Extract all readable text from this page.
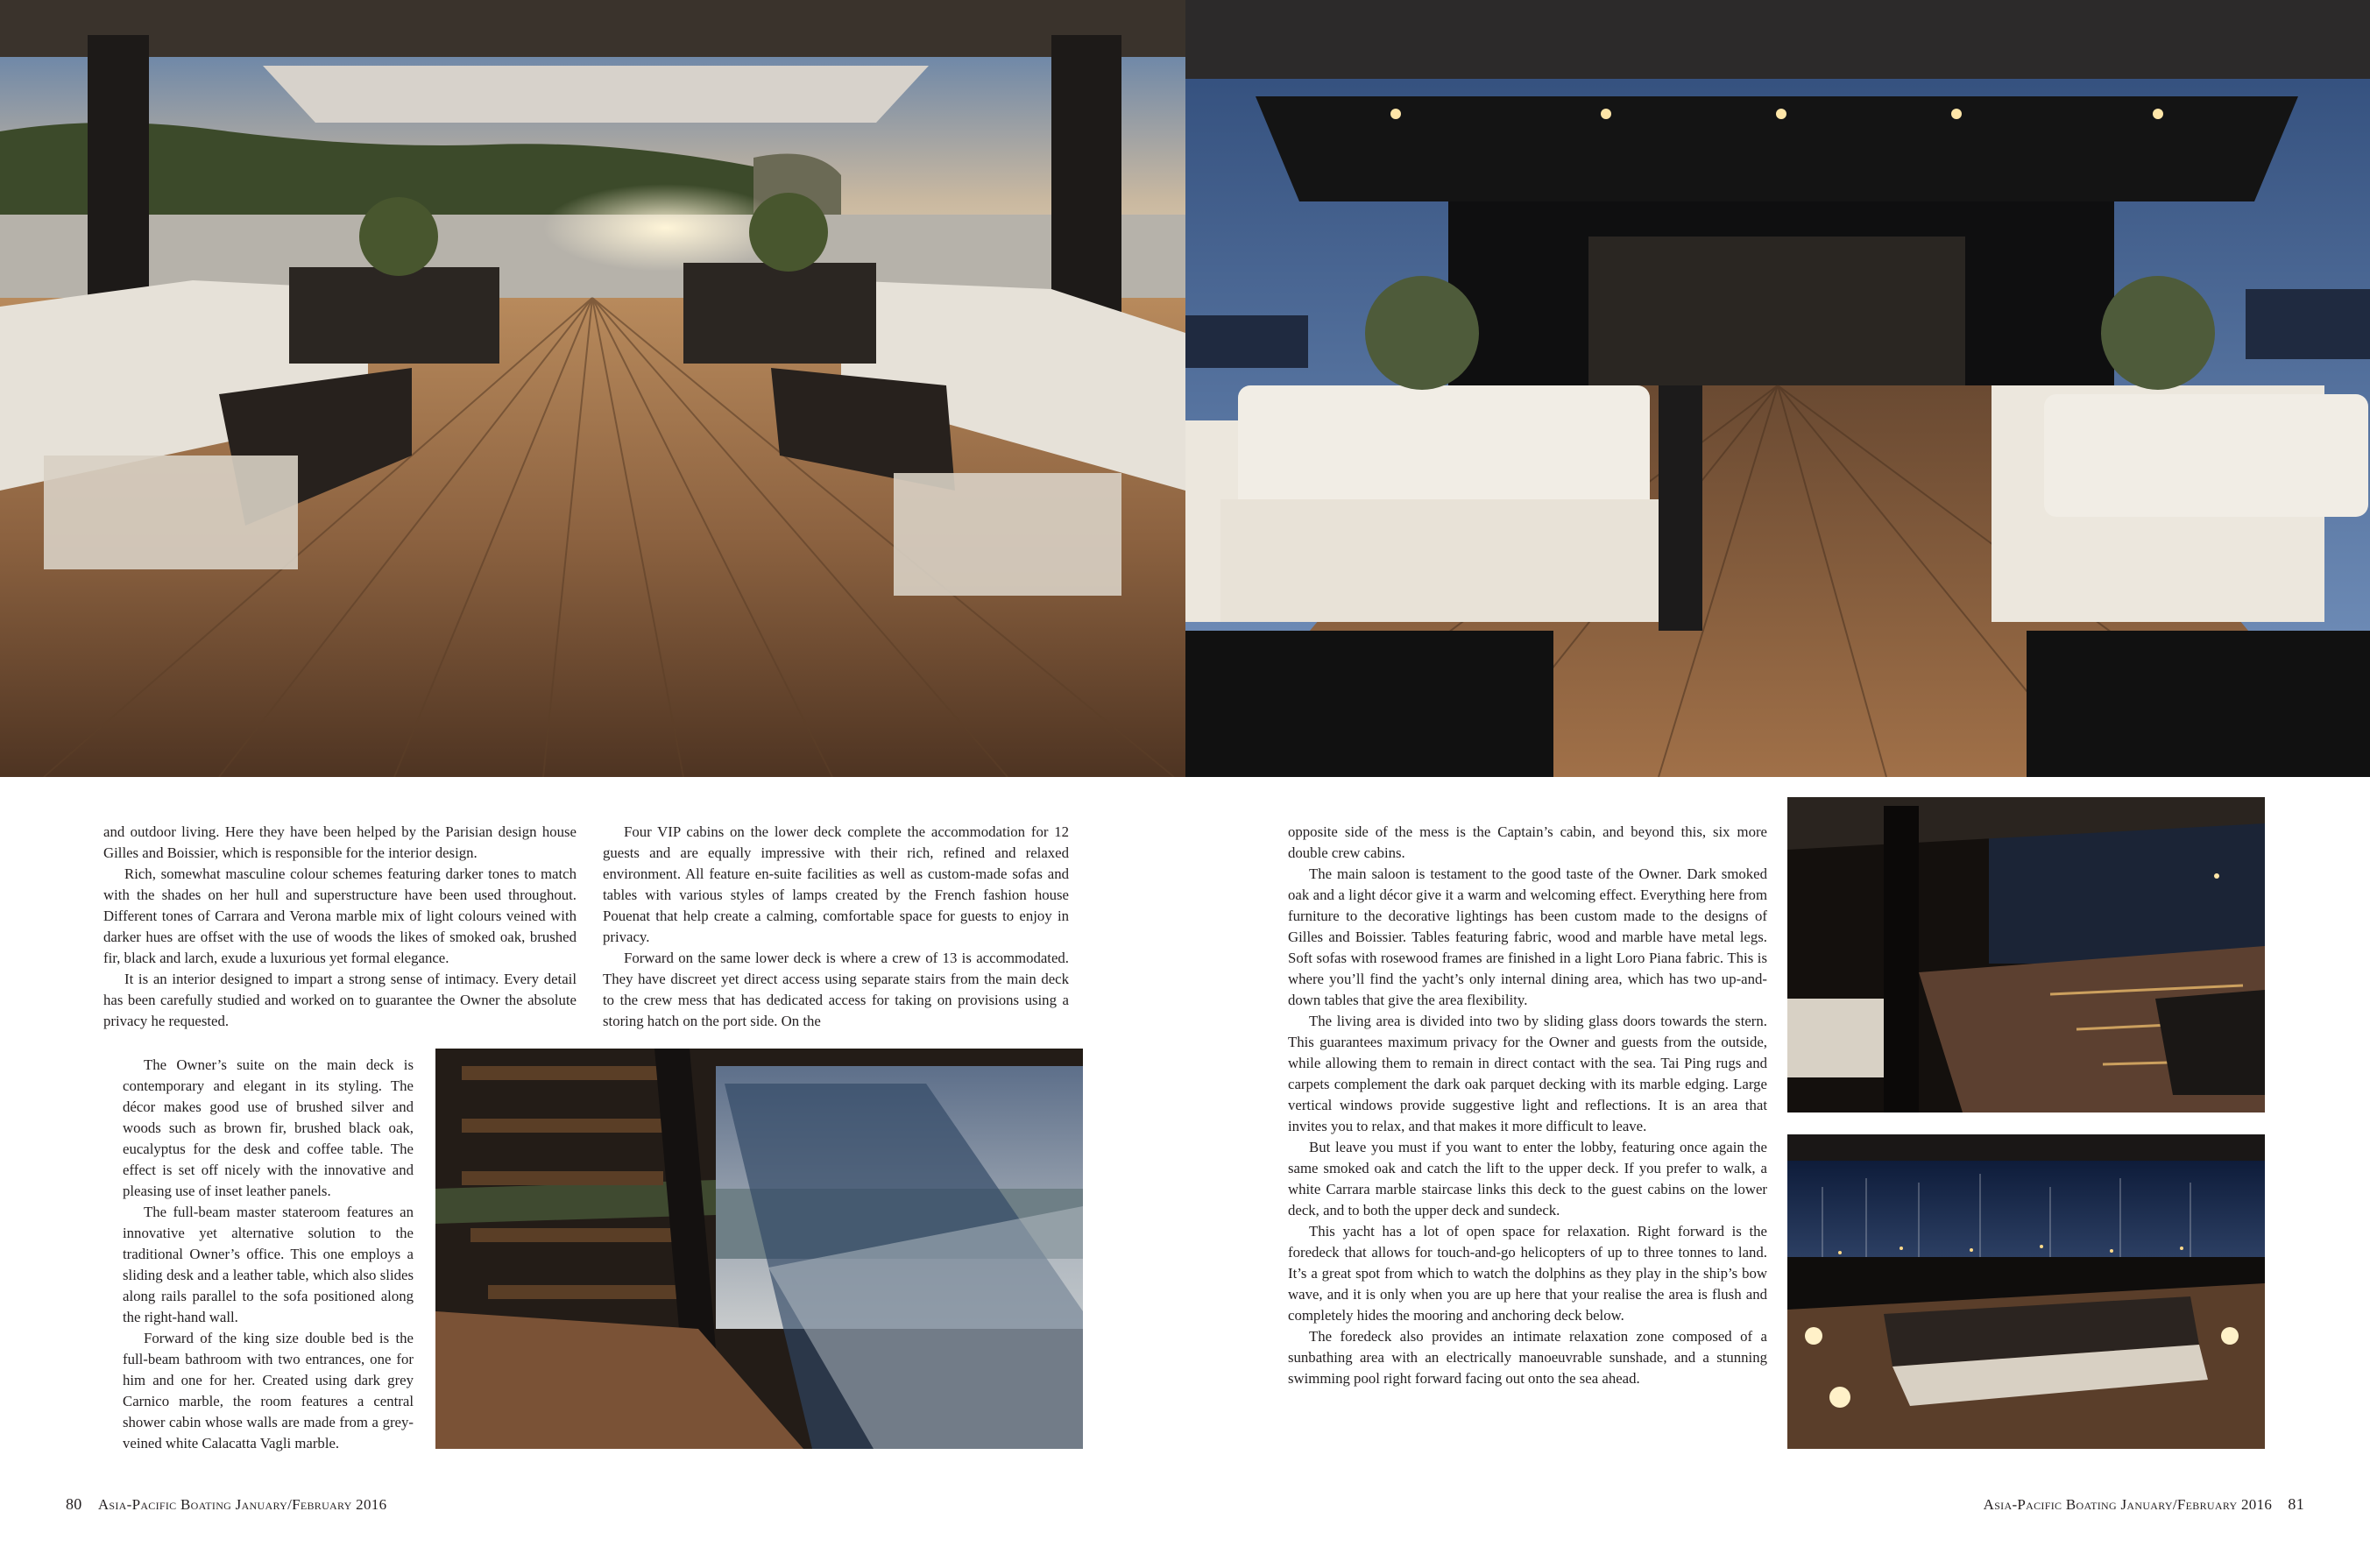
and outdoor living. Here they have been helped by the Parisian design house Gilles and Boissier, which is responsible for the interior design.

Rich, somewhat masculine colour schemes featuring darker tones to match with the shades on her hull and superstructure have been used throughout. Different tones of Carrara and Verona marble mix of light colours veined with darker hues are offset with the use of woods the likes of smoked oak, brushed fir, black and larch, exude a luxurious yet formal elegance.

It is an interior designed to impart a strong sense of intimacy. Every detail has been carefully studied and worked on to guarantee the Owner the absolute privacy he requested.

The Owner’s suite on the main deck is contemporary and elegant in its styling. The décor makes good use of brushed silver and woods such as brown fir, brushed black oak, eucalyptus for the desk and coffee table. The effect is set off nicely with the innovative and pleasing use of inset leather panels.

The full-beam master stateroom features an innovative yet alternative solution to the traditional Owner’s office. This one employs a sliding desk and a leather table, which also slides along rails parallel to the sofa positioned along the right-hand wall.

Forward of the king size double bed is the full-beam bathroom with two entrances, one for him and one for her. Created using dark grey Carnico marble, the room features a central shower cabin whose walls are made from a grey-veined white Calacatta Vagli marble.

Four VIP cabins on the lower deck complete the accommodation for 12 guests and are equally impressive with their rich, refined and relaxed environment. All feature en-suite facilities as well as custom-made sofas and tables with various styles of lamps created by the French fashion house Pouenat that help create a calming, comfortable space for guests to enjoy in privacy.

Forward on the same lower deck is where a crew of 13 is accommodated. They have discreet yet direct access using separate stairs from the main deck to the crew mess that has dedicated access for taking on provisions using a storing hatch on the port side. On the

opposite side of the mess is the Captain’s cabin, and beyond this, six more double crew cabins.

The main saloon is testament to the good taste of the Owner. Dark smoked oak and a light décor give it a warm and welcoming effect. Everything here from furniture to the decorative lightings has been custom made to the designs of Gilles and Boissier. Tables featuring fabric, wood and marble have metal legs. Soft sofas with rosewood frames are finished in a light Loro Piana fabric. This is where you’ll find the yacht’s only internal dining area, which has two up-and-down tables that give the area flexibility.

The living area is divided into two by sliding glass doors towards the stern. This guarantees maximum privacy for the Owner and guests from the outside, while allowing them to remain in direct contact with the sea. Tai Ping rugs and carpets complement the dark oak parquet decking with its marble edging. Large vertical windows provide suggestive light and reflections. It is an area that invites you to relax, and that makes it more difficult to leave.

But leave you must if you want to enter the lobby, featuring once again the same smoked oak and catch the lift to the upper deck. If you prefer to walk, a white Carrara marble staircase links this deck to the guest cabins on the lower deck, and to both the upper deck and sundeck.

This yacht has a lot of open space for relaxation. Right forward is the foredeck that allows for touch-and-go helicopters of up to three tonnes to land. It’s a great spot from which to watch the dolphins as they play in the ship’s bow wave, and it is only when you are up here that your realise the area is flush and completely hides the mooring and anchoring deck below.

The foredeck also provides an intimate relaxation zone composed of a sunbathing area with an electrically manoeuvrable sunshade, and a stunning swimming pool right forward facing out onto the sea ahead.

80 Asia-Pacific Boating January/February 2016	Asia-Pacific Boating January/February 2016 81
